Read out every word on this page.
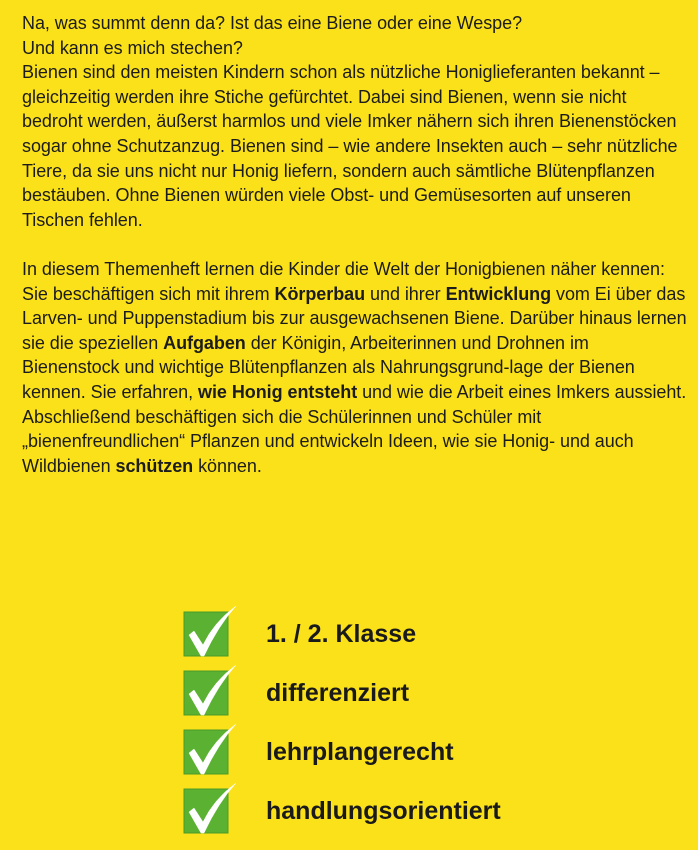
Na, was summt denn da? Ist das eine Biene oder eine Wespe?

Und kann es mich stechen?

Bienen sind den meisten Kindern schon als nützliche Honiglieferanten bekannt – gleichzeitig werden ihre Stiche gefürchtet. Dabei sind Bienen, wenn sie nicht bedroht werden, äußerst harmlos und viele Imker nähern sich ihren Bienenstöcken sogar ohne Schutzanzug. Bienen sind – wie andere Insekten auch – sehr nützliche Tiere, da sie uns nicht nur Honig liefern, sondern auch sämtliche Blütenpflanzen bestäuben. Ohne Bienen würden viele Obst- und Gemüsesorten auf unseren Tischen fehlen.

In diesem Themenheft lernen die Kinder die Welt der Honigbienen näher kennen: Sie beschäftigen sich mit ihrem Körperbau und ihrer Entwicklung vom Ei über das Larven- und Puppenstadium bis zur ausgewachsenen Biene. Darüber hinaus lernen sie die speziellen Aufgaben der Königin, Arbeiterinnen und Drohnen im Bienenstock und wichtige Blütenpflanzen als Nahrungsgrund-lage der Bienen kennen. Sie erfahren, wie Honig entsteht und wie die Arbeit eines Imkers aussieht.

Abschließend beschäftigen sich die Schülerinnen und Schüler mit „bienenfreundlichen“ Pflanzen und entwickeln Ideen, wie sie Honig- und auch Wildbienen schützen können.

1. / 2. Klasse
differenziert
lehrplangerecht
handlungsorientiert
